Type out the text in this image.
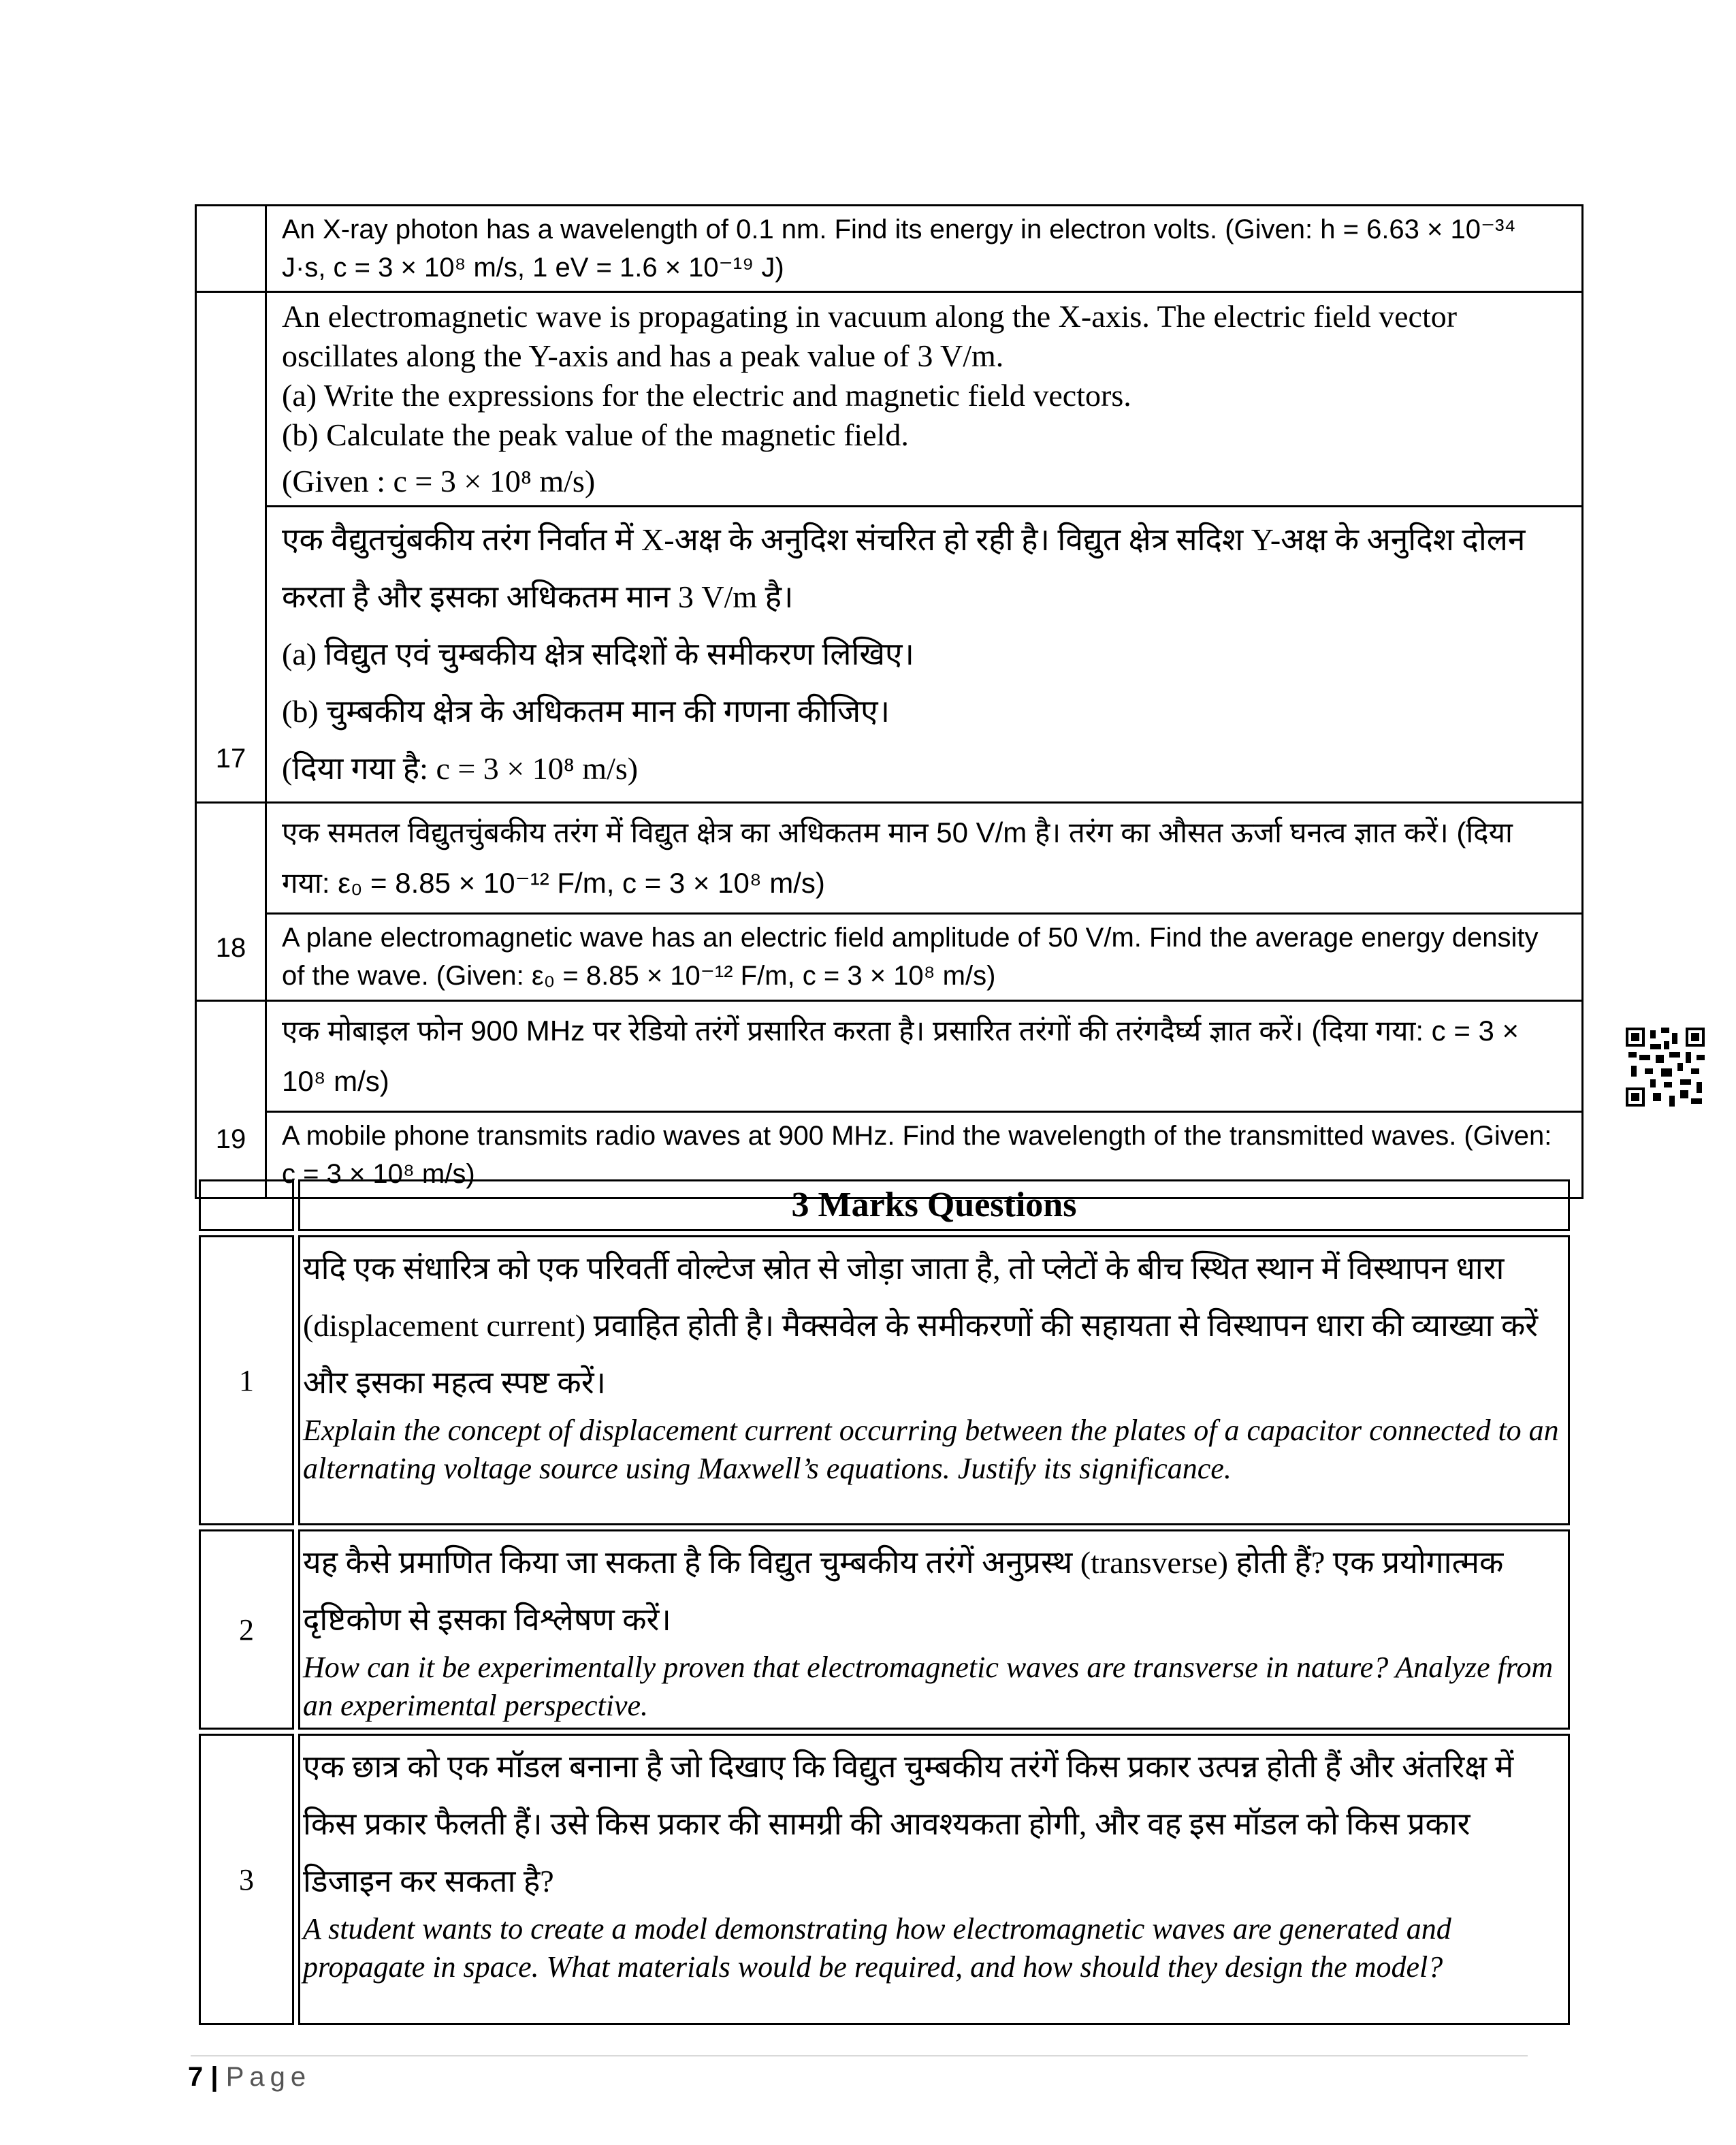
	An X-ray photon has a wavelength of 0.1 nm. Find its energy in electron volts. (Given: h = 6.63 × 10⁻³⁴ J·s, c = 3 × 10⁸ m/s, 1 eV = 1.6 × 10⁻¹⁹ J)
17	An electromagnetic wave is propagating in vacuum along the X-axis. The electric field vector oscillates along the Y-axis and has a peak value of 3 V/m.
(a) Write the expressions for the electric and magnetic field vectors.
(b) Calculate the peak value of the magnetic field.
(Given : c = 3 × 10⁸ m/s)

	एक वैद्युतचुंबकीय तरंग निर्वात में X-अक्ष के अनुदिश संचरित हो रही है। विद्युत क्षेत्र सदिश Y-अक्ष के अनुदिश दोलन करता है और इसका अधिकतम मान 3 V/m है।
(a) विद्युत एवं चुम्बकीय क्षेत्र सदिशों के समीकरण लिखिए।
(b) चुम्बकीय क्षेत्र के अधिकतम मान की गणना कीजिए।
(दिया गया है: c = 3 × 10⁸ m/s)

18	एक समतल विद्युतचुंबकीय तरंग में विद्युत क्षेत्र का अधिकतम मान 50 V/m है। तरंग का औसत ऊर्जा घनत्व ज्ञात करें। (दिया गया: ε₀ = 8.85 × 10⁻¹² F/m, c = 3 × 10⁸ m/s)
	A plane electromagnetic wave has an electric field amplitude of 50 V/m. Find the average energy density of the wave. (Given: ε₀ = 8.85 × 10⁻¹² F/m, c = 3 × 10⁸ m/s)
19	एक मोबाइल फोन 900 MHz पर रेडियो तरंगें प्रसारित करता है। प्रसारित तरंगों की तरंगदैर्घ्य ज्ञात करें। (दिया गया: c = 3 × 10⁸ m/s)
	A mobile phone transmits radio waves at 900 MHz. Find the wavelength of the transmitted waves. (Given: c = 3 × 10⁸ m/s)
	3 Marks Questions
1	यदि एक संधारित्र को एक परिवर्ती वोल्टेज स्रोत से जोड़ा जाता है, तो प्लेटों के बीच स्थित स्थान में विस्थापन धारा (displacement current) प्रवाहित होती है। मैक्सवेल के समीकरणों की सहायता से विस्थापन धारा की व्याख्या करें और इसका महत्व स्पष्ट करें।
Explain the concept of displacement current occurring between the plates of a capacitor connected to an alternating voltage source using Maxwell’s equations. Justify its significance.

2	यह कैसे प्रमाणित किया जा सकता है कि विद्युत चुम्बकीय तरंगें अनुप्रस्थ (transverse) होती हैं? एक प्रयोगात्मक दृष्टिकोण से इसका विश्लेषण करें।
How can it be experimentally proven that electromagnetic waves are transverse in nature? Analyze from an experimental perspective.

3	एक छात्र को एक मॉडल बनाना है जो दिखाए कि विद्युत चुम्बकीय तरंगें किस प्रकार उत्पन्न होती हैं और अंतरिक्ष में किस प्रकार फैलती हैं। उसे किस प्रकार की सामग्री की आवश्यकता होगी, और वह इस मॉडल को किस प्रकार डिजाइन कर सकता है?
A student wants to create a model demonstrating how electromagnetic waves are generated and propagate in space. What materials would be required, and how should they design the model?
7 | Page
